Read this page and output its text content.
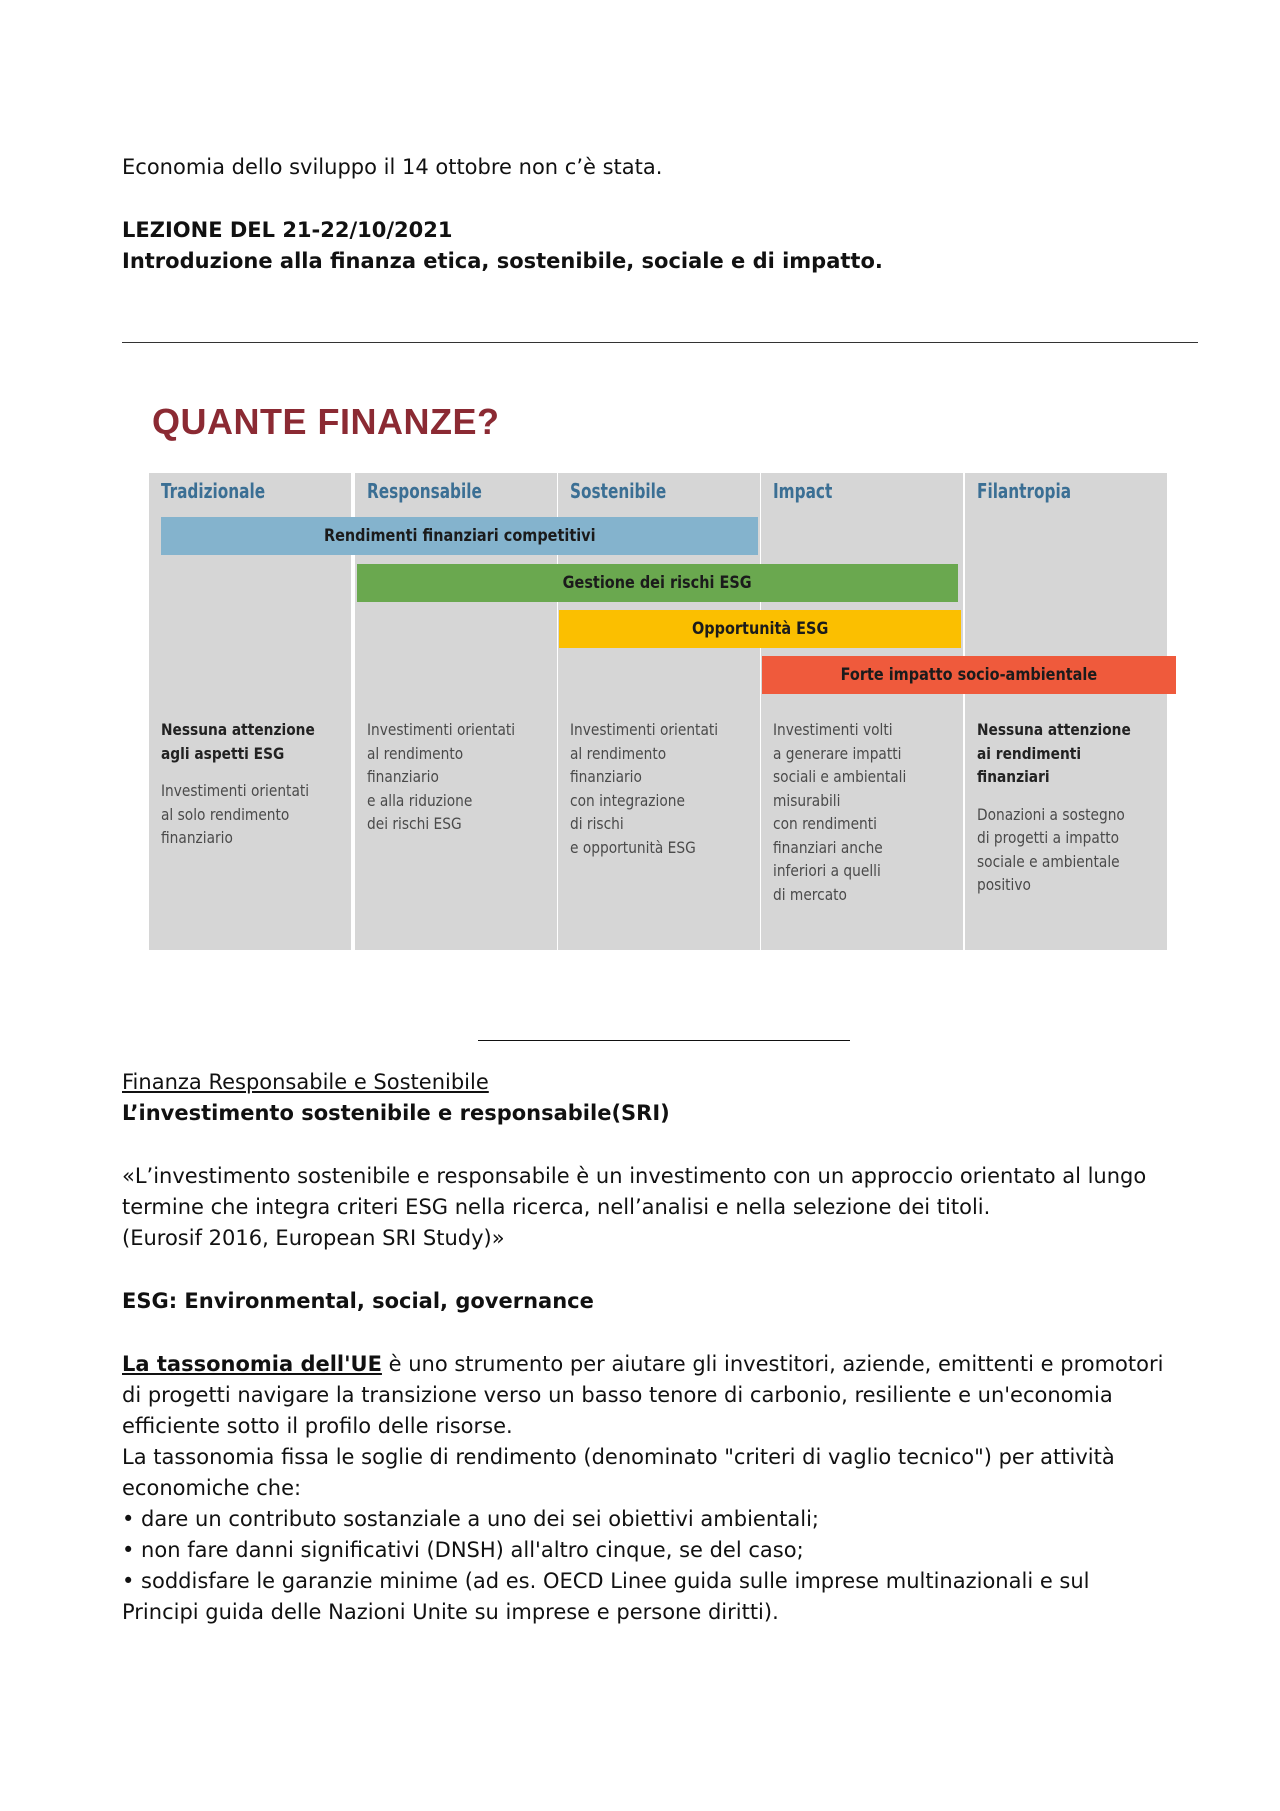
Economia dello sviluppo il 14 ottobre non c’è stata.
LEZIONE DEL 21-22/10/2021
Introduzione alla finanza etica, sostenibile, sociale e di impatto.
QUANTE FINANZE?
Tradizionale
Nessuna attenzione
agli aspetti ESG
Investimenti orientati
al solo rendimento
finanziario
Responsabile
Investimenti orientati
al rendimento
finanziario
e alla riduzione
dei rischi ESG
Sostenibile
Investimenti orientati
al rendimento
finanziario
con integrazione
di rischi
e opportunità ESG
Impact
Investimenti volti
a generare impatti
sociali e ambientali
misurabili
con rendimenti
finanziari anche
inferiori a quelli
di mercato
Filantropia
Nessuna attenzione
ai rendimenti
finanziari
Donazioni a sostegno
di progetti a impatto
sociale e ambientale
positivo
Rendimenti finanziari competitivi
Gestione dei rischi ESG
Opportunità ESG
Forte impatto socio-ambientale
Finanza Responsabile e Sostenibile
L’investimento sostenibile e responsabile(SRI)
«L’investimento sostenibile e responsabile è un investimento con un approccio orientato al lungo
termine che integra criteri ESG nella ricerca, nell’analisi e nella selezione dei titoli.
(Eurosif 2016, European SRI Study)»
ESG: Environmental, social, governance
La tassonomia dell'UE è uno strumento per aiutare gli investitori, aziende, emittenti e promotori
di progetti navigare la transizione verso un basso tenore di carbonio, resiliente e un'economia
efficiente sotto il profilo delle risorse.
La tassonomia fissa le soglie di rendimento (denominato "criteri di vaglio tecnico") per attività
economiche che:
• dare un contributo sostanziale a uno dei sei obiettivi ambientali;
• non fare danni significativi (DNSH) all'altro cinque, se del caso;
• soddisfare le garanzie minime (ad es. OECD Linee guida sulle imprese multinazionali e sul
Principi guida delle Nazioni Unite su imprese e persone diritti).
